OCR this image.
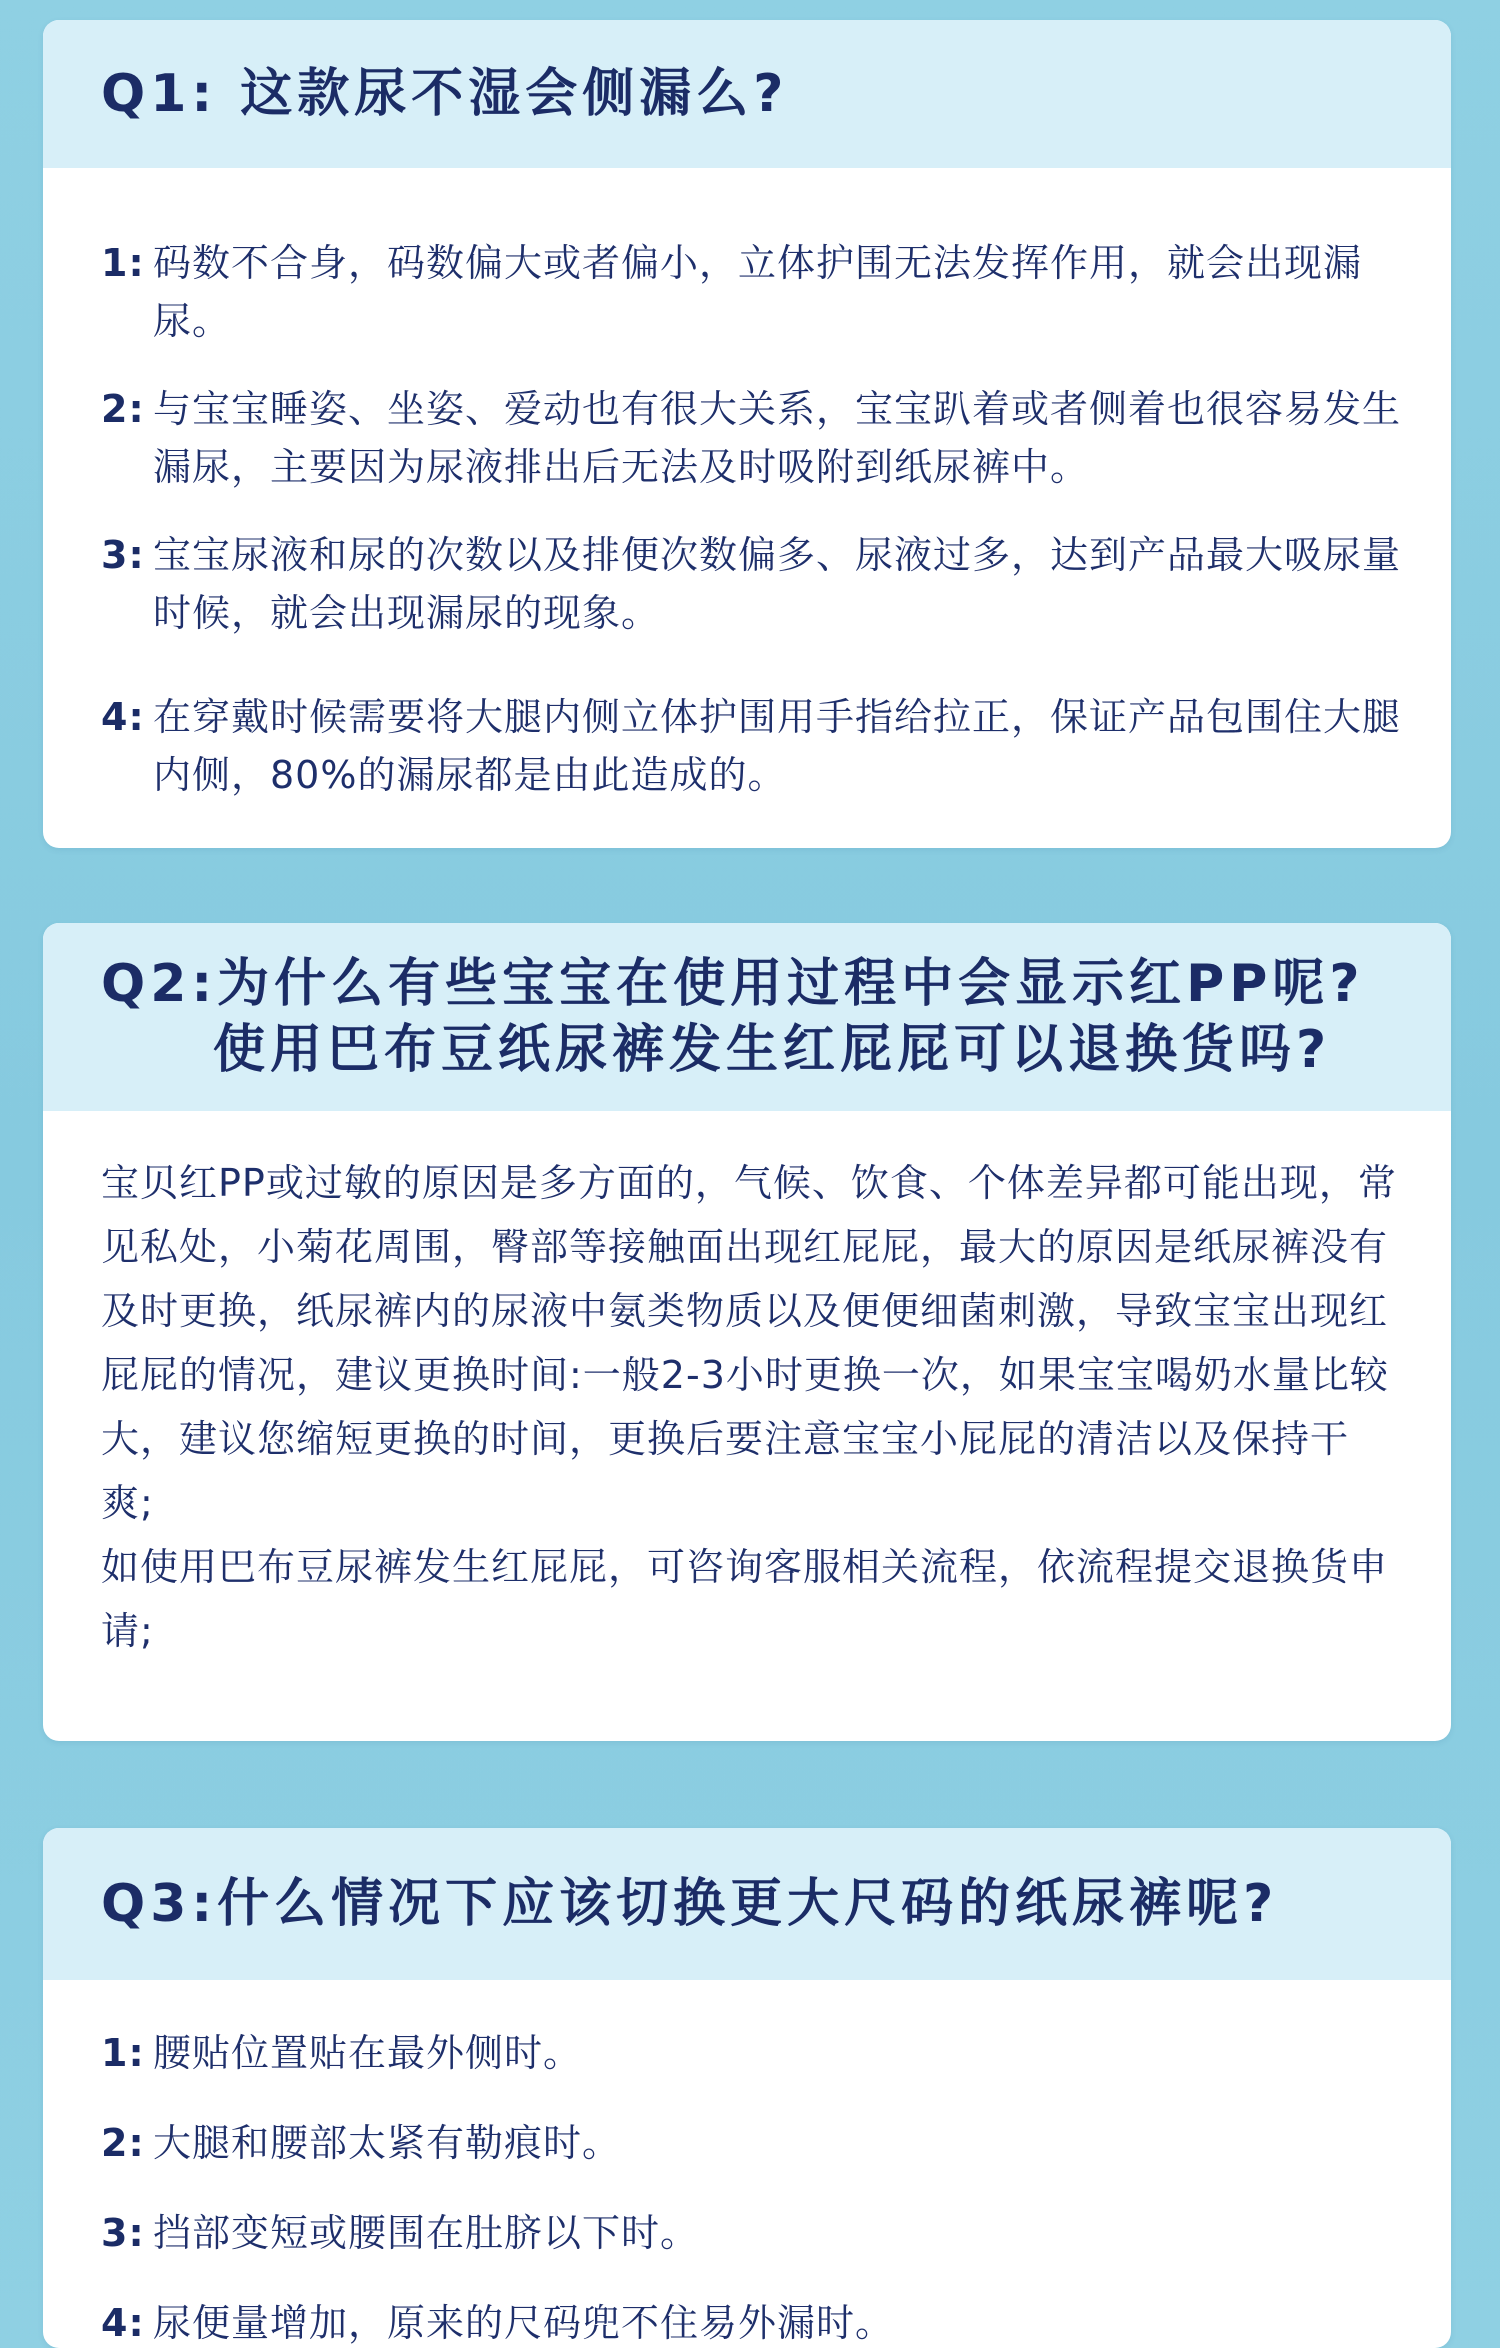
Q1: 这款尿不湿会侧漏么?
1: 码数不合身，码数偏大或者偏小，立体护围无法发挥作用，就会出现漏尿。
2: 与宝宝睡姿、坐姿、爱动也有很大关系，宝宝趴着或者侧着也很容易发生漏尿，主要因为尿液排出后无法及时吸附到纸尿裤中。
3: 宝宝尿液和尿的次数以及排便次数偏多、尿液过多，达到产品最大吸尿量时候，就会出现漏尿的现象。
4: 在穿戴时候需要将大腿内侧立体护围用手指给拉正，保证产品包围住大腿内侧，80%的漏尿都是由此造成的。
Q2:为什么有些宝宝在使用过程中会显示红PP呢?
使用巴布豆纸尿裤发生红屁屁可以退换货吗?

宝贝红PP或过敏的原因是多方面的，气候、饮食、个体差异都可能出现，常见私处，小菊花周围，臀部等接触面出现红屁屁，最大的原因是纸尿裤没有及时更换，纸尿裤内的尿液中氨类物质以及便便细菌刺激，导致宝宝出现红屁屁的情况，建议更换时间:一般2-3小时更换一次，如果宝宝喝奶水量比较大，建议您缩短更换的时间，更换后要注意宝宝小屁屁的清洁以及保持干爽;

如使用巴布豆尿裤发生红屁屁，可咨询客服相关流程，依流程提交退换货申请;

Q3:什么情况下应该切换更大尺码的纸尿裤呢?
1: 腰贴位置贴在最外侧时。
2: 大腿和腰部太紧有勒痕时。
3: 挡部变短或腰围在肚脐以下时。
4: 尿便量增加，原来的尺码兜不住易外漏时。
